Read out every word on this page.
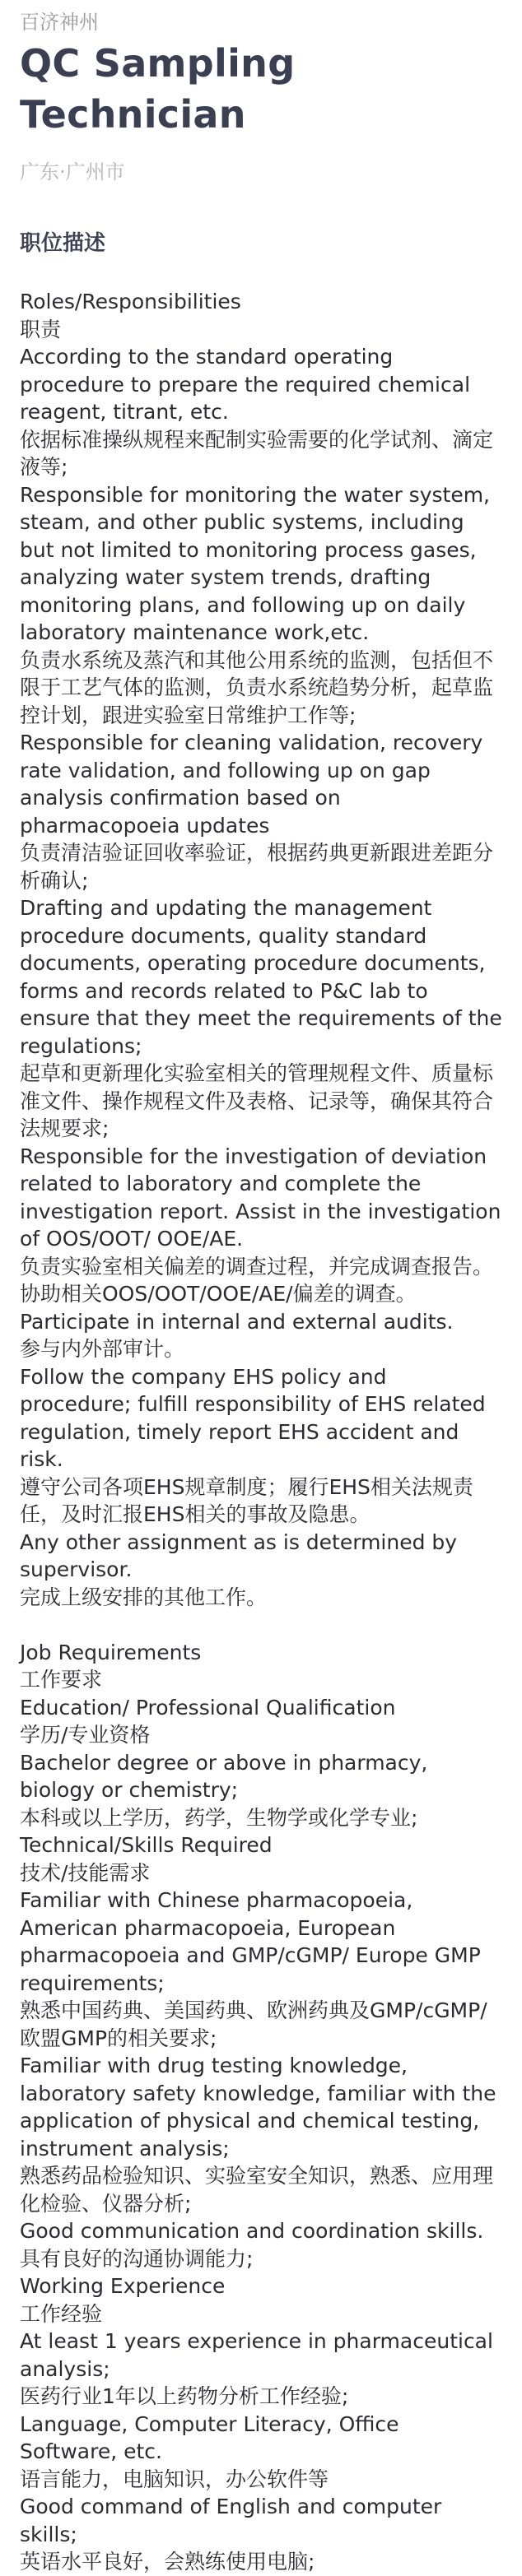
百济神州
QC Sampling Technician
广东·广州市
职位描述
Roles/Responsibilities
职责
According to the standard operating procedure to prepare the required chemical reagent, titrant, etc.
依据标准操纵规程来配制实验需要的化学试剂、滴定液等;
Responsible for monitoring the water system, steam, and other public systems, including but not limited to monitoring process gases, analyzing water system trends, drafting monitoring plans, and following up on daily laboratory maintenance work,etc.
负责水系统及蒸汽和其他公用系统的监测，包括但不限于工艺气体的监测，负责水系统趋势分析，起草监控计划，跟进实验室日常维护工作等;
Responsible for cleaning validation, recovery rate validation, and following up on gap analysis confirmation based on pharmacopoeia updates
负责清洁验证回收率验证，根据药典更新跟进差距分析确认;
Drafting and updating the management procedure documents, quality standard documents, operating procedure documents, forms and records related to P&C lab to ensure that they meet the requirements of the regulations;
起草和更新理化实验室相关的管理规程文件、质量标准文件、操作规程文件及表格、记录等，确保其符合法规要求;
Responsible for the investigation of deviation related to laboratory and complete the investigation report. Assist in the investigation of OOS/OOT/ OOE/AE.
负责实验室相关偏差的调查过程，并完成调查报告。 协助相关OOS/OOT/OOE/AE/偏差的调查。
Participate in internal and external audits.
参与内外部审计。
Follow the company EHS policy and procedure; fulfill responsibility of EHS related regulation, timely report EHS accident and risk.
遵守公司各项EHS规章制度；履行EHS相关法规责任，及时汇报EHS相关的事故及隐患。
Any other assignment as is determined by supervisor.
完成上级安排的其他工作。
Job Requirements
工作要求
Education/ Professional Qualification
学历/专业资格
Bachelor degree or above in pharmacy, biology or chemistry;
本科或以上学历，药学，生物学或化学专业;
Technical/Skills Required
技术/技能需求
Familiar with Chinese pharmacopoeia, American pharmacopoeia, European pharmacopoeia and GMP/cGMP/ Europe GMP requirements;
熟悉中国药典、美国药典、欧洲药典及GMP/cGMP/欧盟GMP的相关要求;
Familiar with drug testing knowledge, laboratory safety knowledge, familiar with the application of physical and chemical testing, instrument analysis;
熟悉药品检验知识、实验室安全知识，熟悉、应用理化检验、仪器分析;
Good communication and coordination skills.
具有良好的沟通协调能力;
Working Experience
工作经验
At least 1 years experience in pharmaceutical analysis;
医药行业1年以上药物分析工作经验;
Language, Computer Literacy, Office Software, etc.
语言能力，电脑知识，办公软件等
Good command of English and computer skills;
英语水平良好，会熟练使用电脑;
